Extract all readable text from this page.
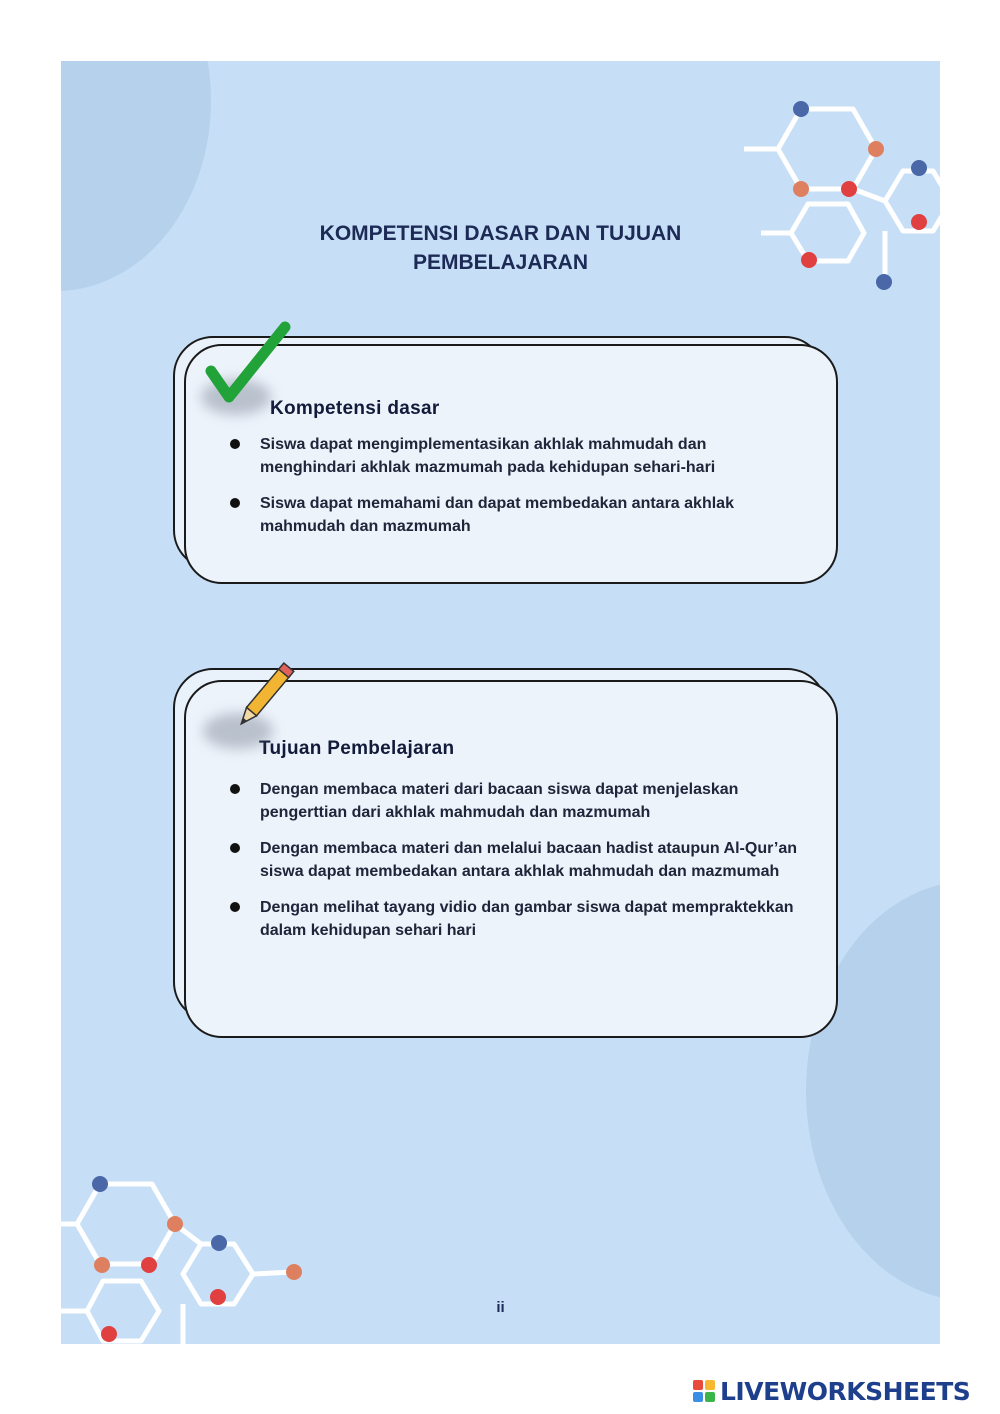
KOMPETENSI DASAR DAN TUJUAN
PEMBELAJARAN
Kompetensi dasar
Siswa dapat mengimplementasikan akhlak mahmudah dan menghindari akhlak mazmumah pada kehidupan sehari-hari
Siswa dapat memahami dan dapat membedakan antara akhlak mahmudah dan mazmumah
Tujuan Pembelajaran
Dengan membaca materi dari bacaan siswa dapat menjelaskan pengerttian dari akhlak mahmudah dan mazmumah
Dengan membaca materi dan melalui bacaan hadist ataupun Al-Qur’an siswa dapat membedakan antara akhlak mahmudah dan mazmumah
Dengan melihat tayang vidio dan gambar siswa dapat mempraktekkan dalam kehidupan sehari hari
ii
LIVEWORKSHEETS
